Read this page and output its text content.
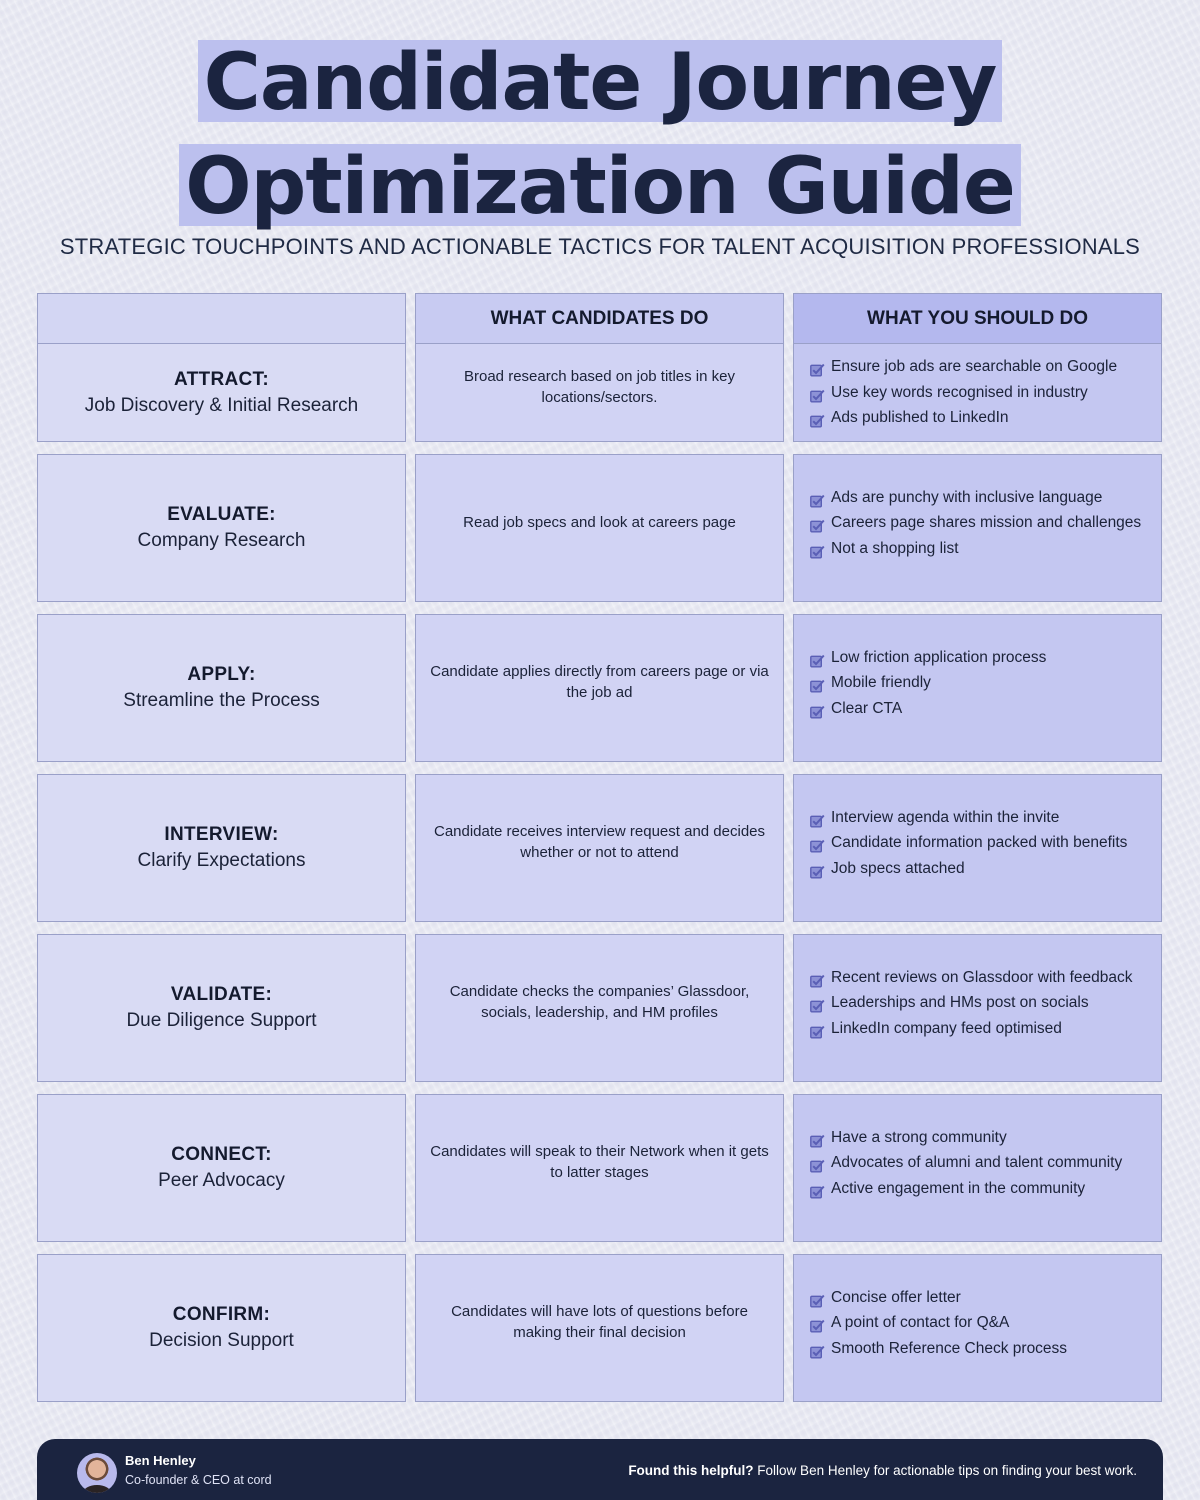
Candidate Journey
Optimization Guide
STRATEGIC TOUCHPOINTS AND ACTIONABLE TACTICS FOR TALENT ACQUISITION PROFESSIONALS
WHAT CANDIDATES DO	WHAT YOU SHOULD DO
ATTRACT:
Job Discovery & Initial Research
Broad research based on job titles in key locations/sectors.
Ensure job ads are searchable on Google
Use key words recognised in industry
Ads published to LinkedIn
EVALUATE:
Company Research
Read job specs and look at careers page
Ads are punchy with inclusive language
Careers page shares mission and challenges
Not a shopping list
APPLY:
Streamline the Process
Candidate applies directly from careers page or via the job ad
Low friction application process
Mobile friendly
Clear CTA
INTERVIEW:
Clarify Expectations
Candidate receives interview request and decides whether or not to attend
Interview agenda within the invite
Candidate information packed with benefits
Job specs attached
VALIDATE:
Due Diligence Support
Candidate checks the companies’ Glassdoor, socials, leadership, and HM profiles
Recent reviews on Glassdoor with feedback
Leaderships and HMs post on socials
LinkedIn company feed optimised
CONNECT:
Peer Advocacy
Candidates will speak to their Network when it gets to latter stages
Have a strong community
Advocates of alumni and talent community
Active engagement in the community
CONFIRM:
Decision Support
Candidates will have lots of questions before making their final decision
Concise offer letter
A point of contact for Q&A
Smooth Reference Check process
Ben Henley
Co-founder & CEO at cord
Found this helpful? Follow Ben Henley for actionable tips on finding your best work.
